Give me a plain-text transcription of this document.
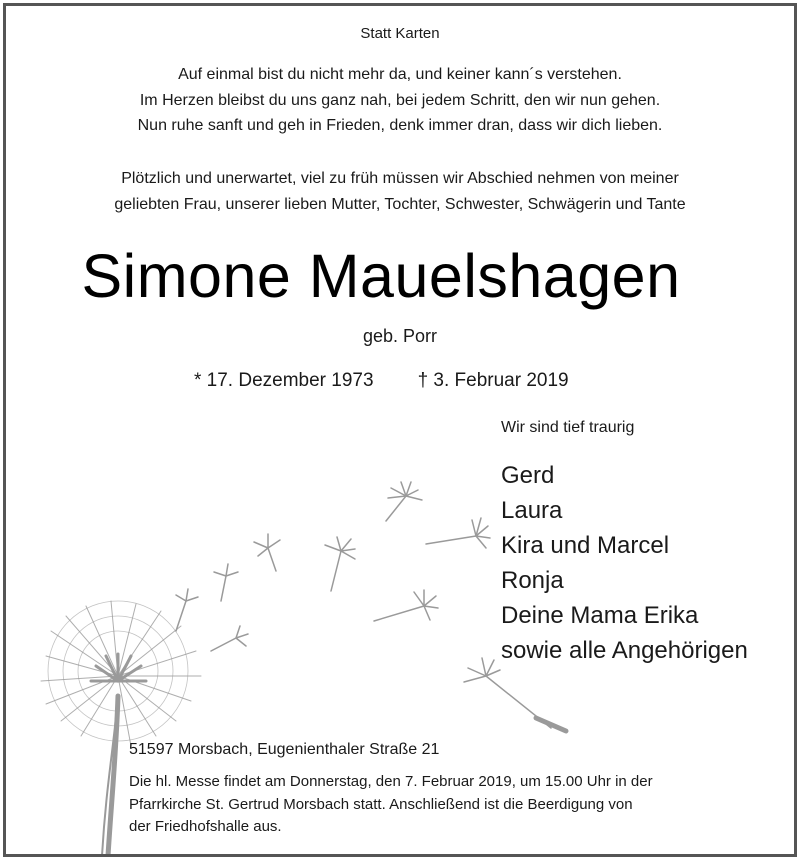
Statt Karten
Auf einmal bist du nicht mehr da, und keiner kann´s verstehen.
Im Herzen bleibst du uns ganz nah, bei jedem Schritt, den wir nun gehen.
Nun ruhe sanft und geh in Frieden, denk immer dran, dass wir dich lieben.
Plötzlich und unerwartet, viel zu früh müssen wir Abschied nehmen von meiner
geliebten Frau, unserer lieben Mutter, Tochter, Schwester, Schwägerin und Tante
Simone Mauelshagen
geb. Porr
* 17. Dezember 1973 † 3. Februar 2019
Wir sind tief traurig
Gerd
Laura
Kira und Marcel
Ronja
Deine Mama Erika
sowie alle Angehörigen
51597 Morsbach, Eugenienthaler Straße 21
Die hl. Messe findet am Donnerstag, den 7. Februar 2019, um 15.00 Uhr in der
Pfarrkirche St. Gertrud Morsbach statt. Anschließend ist die Beerdigung von
der Friedhofshalle aus.
